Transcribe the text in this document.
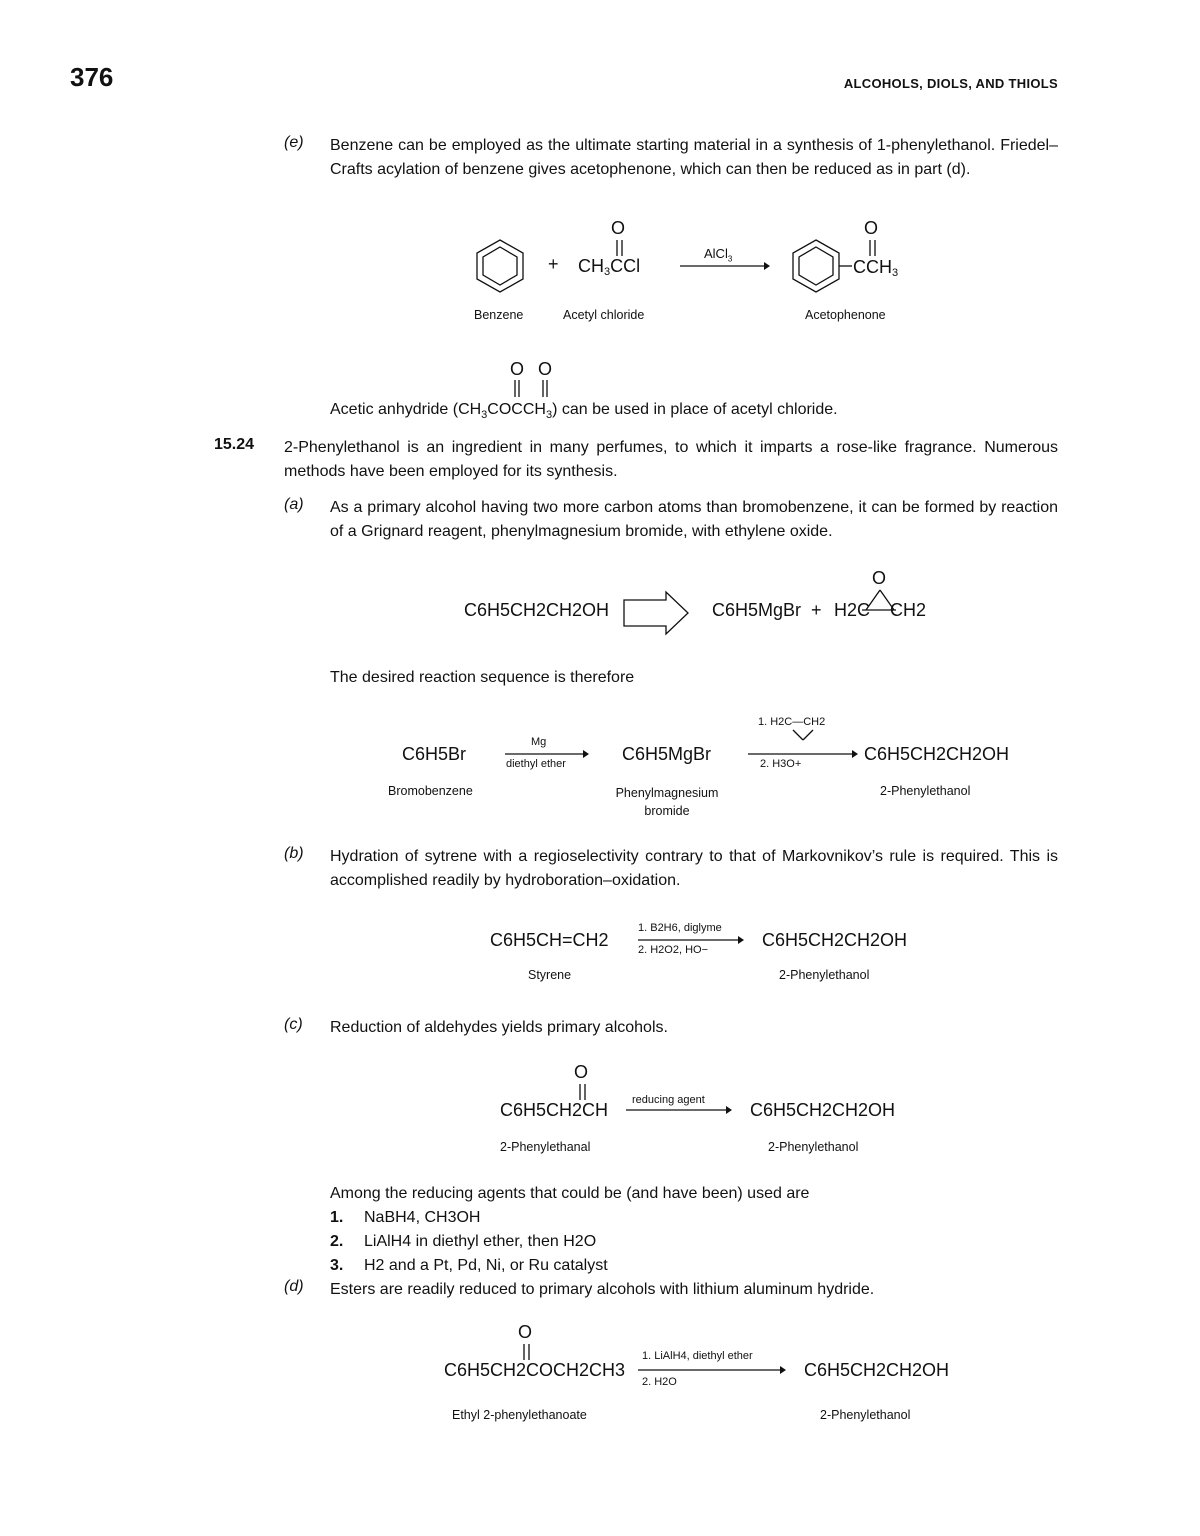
376	ALCOHOLS, DIOLS, AND THIOLS
(e) Benzene can be employed as the ultimate starting material in a synthesis of 1-phenylethanol. Friedel–Crafts acylation of benzene gives acetophenone, which can then be reduced as in part (d).
+ $CH_3CCl$
O
AlCl$_3$	$CCH_3$
O
Benzene	Acetyl chloride	Acetophenone
O O
Acetic anhydride $(CH_3COCCH_3)$ can be used in place of acetyl chloride.
15.24 2-Phenylethanol is an ingredient in many perfumes, to which it imparts a rose-like fragrance. Numerous methods have been employed for its synthesis.
(a) As a primary alcohol having two more carbon atoms than bromobenzene, it can be formed by reaction of a Grignard reagent, phenylmagnesium bromide, with ethylene oxide.
C6H5CH2CH2OH	C6H5MgBr + H2C CH2
O
The desired reaction sequence is therefore
C6H5Br
Mg
diethyl ether	C6H5MgBr
1. H2C—CH2
2. H3O+	C6H5CH2CH2OH
Bromobenzene	Phenylmagnesium bromide
2-Phenylethanol
(b) Hydration of sytrene with a regioselectivity contrary to that of Markovnikov’s rule is required. This is accomplished readily by hydroboration–oxidation.
C6H5CH=CH2
1. B2H6, diglyme
2. H2O2, HO−	C6H5CH2CH2OH
Styrene	2-Phenylethanol
(c) Reduction of aldehydes yields primary alcohols.
O
C6H5CH2CH reducing agent	C6H5CH2CH2OH
2-Phenylethanal	2-Phenylethanol
Among the reducing agents that could be (and have been) used are
1. NaBH4, CH3OH
2. LiAlH4 in diethyl ether, then H2O
3. H2 and a Pt, Pd, Ni, or Ru catalyst
(d) Esters are readily reduced to primary alcohols with lithium aluminum hydride.
O
C6H5CH2COCH2CH3
1. LiAlH4, diethyl ether
2. H2O
C6H5CH2CH2OH
Ethyl 2-phenylethanoate	2-Phenylethanol
